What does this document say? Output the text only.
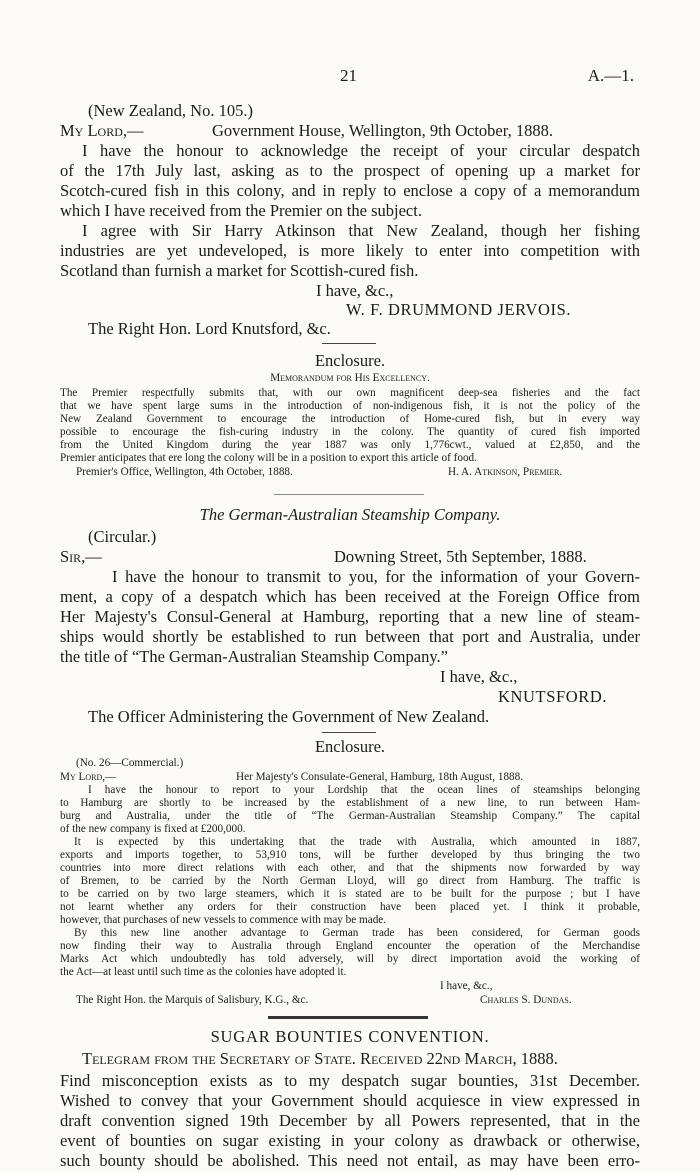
21	A.—1.
(New Zealand, No. 105.)
My Lord,—	Government House, Wellington, 9th October, 1888.
I have the honour to acknowledge the receipt of your circular despatch
of the 17th July last, asking as to the prospect of opening up a market for
Scotch-cured fish in this colony, and in reply to enclose a copy of a memorandum
which I have received from the Premier on the subject.
I agree with Sir Harry Atkinson that New Zealand, though her fishing
industries are yet undeveloped, is more likely to enter into competition with
Scotland than furnish a market for Scottish-cured fish.
I have, &c.,
W. F. DRUMMOND JERVOIS.
The Right Hon. Lord Knutsford, &c.
Enclosure.
Memorandum for His Excellency.
The Premier respectfully submits that, with our own magnificent deep-sea fisheries and the fact
that we have spent large sums in the introduction of non-indigenous fish, it is not the policy of the
New Zealand Government to encourage the introduction of Home-cured fish, but in every way
possible to encourage the fish-curing industry in the colony. The quantity of cured fish imported
from the United Kingdom during the year 1887 was only 1,776cwt., valued at £2,850, and the
Premier anticipates that ere long the colony will be in a position to export this article of food.
Premier's Office, Wellington, 4th October, 1888.	H. A. Atkinson, Premier.
The German-Australian Steamship Company.
(Circular.)
Sir,—	Downing Street, 5th September, 1888.
I have the honour to transmit to you, for the information of your Govern-
ment, a copy of a despatch which has been received at the Foreign Office from
Her Majesty's Consul-General at Hamburg, reporting that a new line of steam-
ships would shortly be established to run between that port and Australia, under
the title of “The German-Australian Steamship Company.”
I have, &c.,
KNUTSFORD.
The Officer Administering the Government of New Zealand.
Enclosure.
(No. 26—Commercial.)
My Lord,—	Her Majesty's Consulate-General, Hamburg, 18th August, 1888.
I have the honour to report to your Lordship that the ocean lines of steamships belonging
to Hamburg are shortly to be increased by the establishment of a new line, to run between Ham-
burg and Australia, under the title of “The German-Australian Steamship Company.” The capital
of the new company is fixed at £200,000.
It is expected by this undertaking that the trade with Australia, which amounted in 1887,
exports and imports together, to 53,910 tons, will be further developed by thus bringing the two
countries into more direct relations with each other, and that the shipments now forwarded by way
of Bremen, to be carried by the North German Lloyd, will go direct from Hamburg. The traffic is
to be carried on by two large steamers, which it is stated are to be built for the purpose ; but I have
not learnt whether any orders for their construction have been placed yet. I think it probable,
however, that purchases of new vessels to commence with may be made.
By this new line another advantage to German trade has been considered, for German goods
now finding their way to Australia through England encounter the operation of the Merchandise
Marks Act which undoubtedly has told adversely, will by direct importation avoid the working of
the Act—at least until such time as the colonies have adopted it.
I have, &c.,
The Right Hon. the Marquis of Salisbury, K.G., &c.	Charles S. Dundas.
SUGAR BOUNTIES CONVENTION.
Telegram from the Secretary of State. Received 22nd March, 1888.
Find misconception exists as to my despatch sugar bounties, 31st December.
Wished to convey that your Government should acquiesce in view expressed in
draft convention signed 19th December by all Powers represented, that in the
event of bounties on sugar existing in your colony as drawback or otherwise,
such bounty should be abolished. This need not entail, as may have been erro-
